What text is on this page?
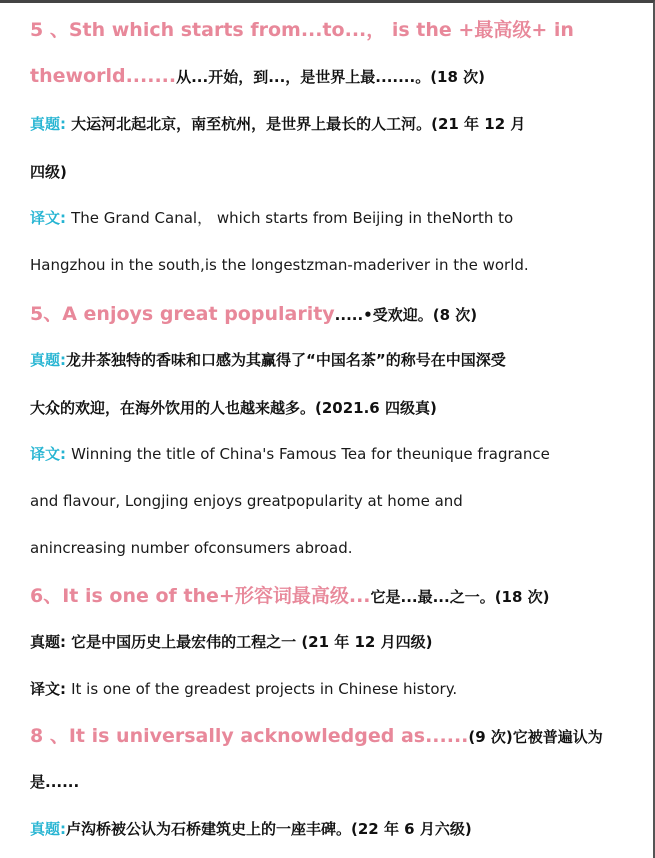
5 、Sth which starts from...to...， is the +最高级+ in
theworld.......从...开始，到...，是世界上最.......。(18 次)
真题: 大运河北起北京，南至杭州，是世界上最长的人工河。(21 年 12 月
四级)
译文: The Grand Canal， which starts from Beijing in theNorth to
Hangzhou in the south,is the longestzman-maderiver in the world.
5、A enjoys great popularity.....•受欢迎。(8 次)
真题:龙井茶独特的香味和口感为其赢得了“中国名茶”的称号在中国深受
大众的欢迎，在海外饮用的人也越来越多。(2021.6 四级真)
译文: Winning the title of China's Famous Tea for theunique fragrance
and flavour, Longjing enjoys greatpopularity at home and
anincreasing number ofconsumers abroad.
6、It is one of the+形容词最高级...它是...最...之一。(18 次)
真题: 它是中国历史上最宏伟的工程之一 (21 年 12 月四级)
译文: It is one of the greadest projects in Chinese history.
8 、It is universally acknowledged as......(9 次)它被普遍认为
是......
真题:卢沟桥被公认为石桥建筑史上的一座丰碑。(22 年 6 月六级)
